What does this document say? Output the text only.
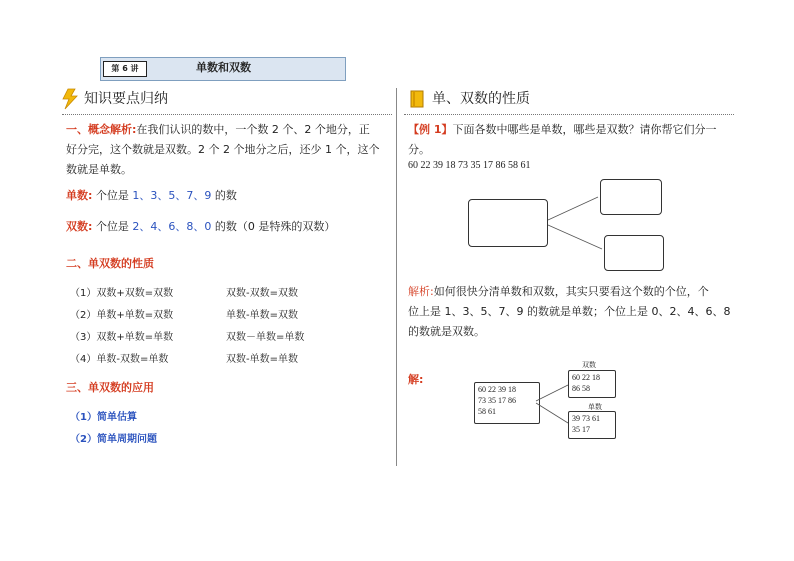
第 6 讲	单数和双数
知识要点归纳
一、概念解析:在我们认识的数中，一个数 2 个、2 个地分，正
好分完，这个数就是双数。2 个 2 个地分之后，还少 1 个，这个
数就是单数。
单数: 个位是 1、3、5、7、9 的数
双数: 个位是 2、4、6、8、0 的数（0 是特殊的双数）
二、单双数的性质
（1）双数+双数=双数	双数-双数=双数
（2）单数+单数=双数	单数-单数=双数
（3）双数+单数=单数	双数－单数=单数
（4）单数-双数=单数	双数-单数=单数
三、单双数的应用
（1）简单估算
（2）简单周期问题
单、双数的性质
【例 1】下面各数中哪些是单数，哪些是双数？请你帮它们分一
分。
60 22 39 18 73 35 17 86 58 61
解析:如何很快分清单数和双数，其实只要看这个数的个位，个
位上是 1、3、5、7、9 的数就是单数；个位上是 0、2、4、6、8
的数就是双数。
解:
60 22 39 18
73 35 17 86
58 61
双数
60 22 18
86 58
单数
39 73 61
35 17
